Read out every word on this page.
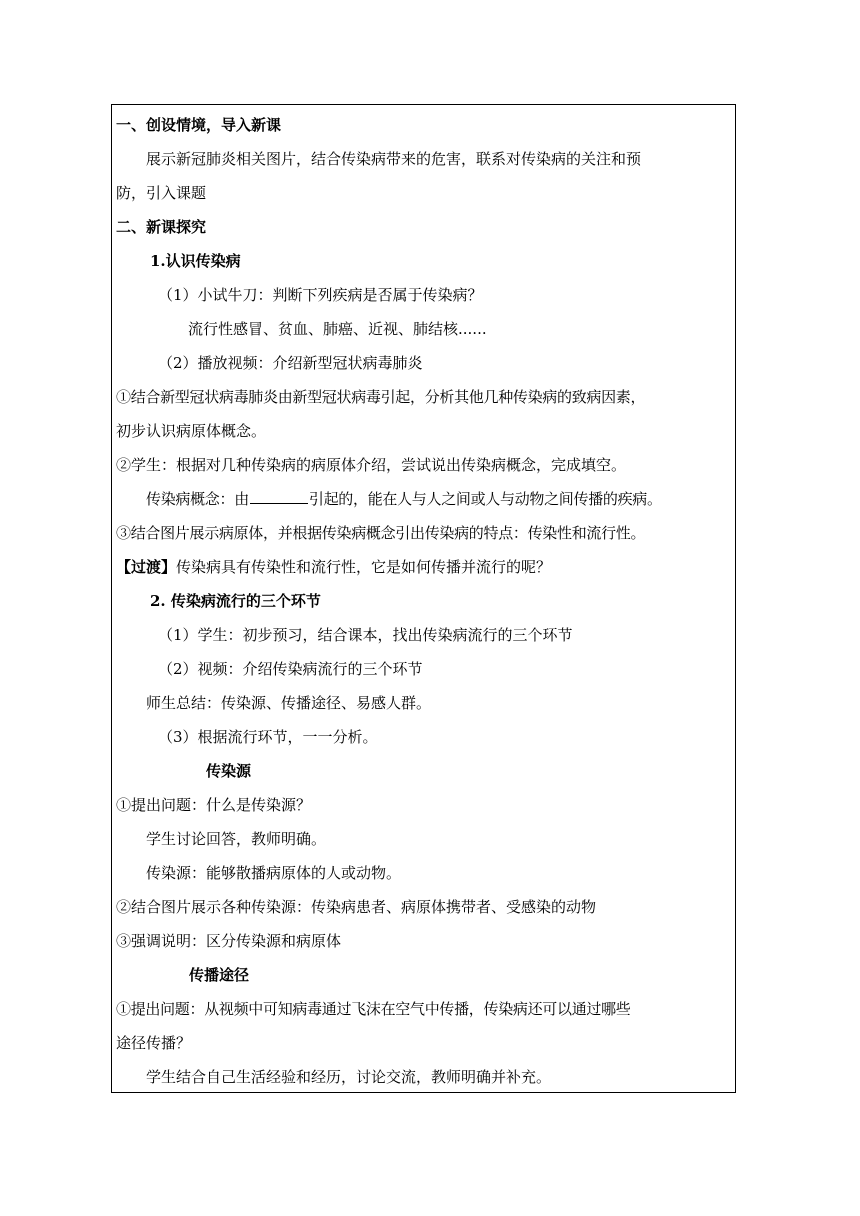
一、创设情境，导入新课
展示新冠肺炎相关图片，结合传染病带来的危害，联系对传染病的关注和预
防，引入课题
二、新课探究
1.认识传染病
（1）小试牛刀：判断下列疾病是否属于传染病？
流行性感冒、贫血、肺癌、近视、肺结核......
（2）播放视频：介绍新型冠状病毒肺炎
①结合新型冠状病毒肺炎由新型冠状病毒引起，分析其他几种传染病的致病因素，
初步认识病原体概念。
②学生：根据对几种传染病的病原体介绍，尝试说出传染病概念，完成填空。
传染病概念：由	引起的，能在人与人之间或人与动物之间传播的疾病。
③结合图片展示病原体，并根据传染病概念引出传染病的特点：传染性和流行性。
【过渡】传染病具有传染性和流行性，它是如何传播并流行的呢？
2. 传染病流行的三个环节
（1）学生：初步预习，结合课本，找出传染病流行的三个环节
（2）视频：介绍传染病流行的三个环节
师生总结：传染源、传播途径、易感人群。
（3）根据流行环节，一一分析。
传染源
①提出问题：什么是传染源？
学生讨论回答，教师明确。
传染源：能够散播病原体的人或动物。
②结合图片展示各种传染源：传染病患者、病原体携带者、受感染的动物
③强调说明：区分传染源和病原体
传播途径
①提出问题：从视频中可知病毒通过飞沫在空气中传播，传染病还可以通过哪些
途径传播？
学生结合自己生活经验和经历，讨论交流，教师明确并补充。
